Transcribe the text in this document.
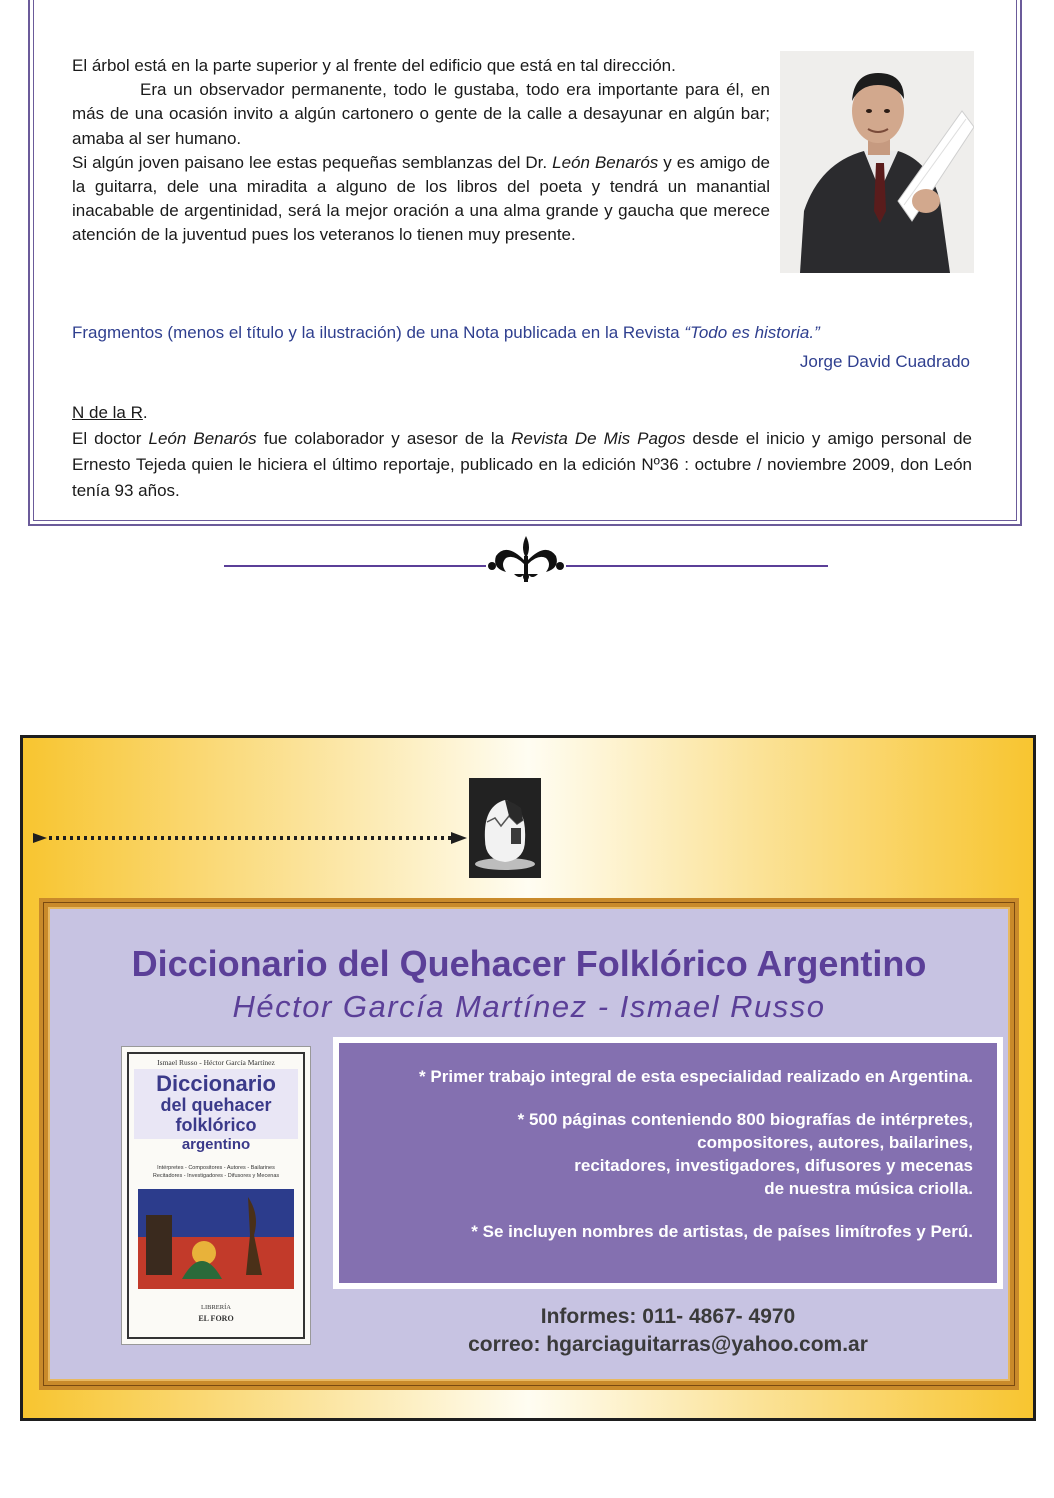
El árbol está en la parte superior y al frente del edificio que está en tal dirección.

Era un observador permanente, todo le gustaba, todo era importante para él, en más de una ocasión invito a algún cartonero o gente de la calle a desayunar en algún bar; amaba al ser humano.

Si algún joven paisano lee estas pequeñas semblanzas del Dr. León Benarós y es amigo de la guitarra, dele una miradita a alguno de los libros del poeta y tendrá un manantial inacabable de argentinidad, será la mejor oración a una alma grande y gaucha que merece atención de la juventud pues los veteranos lo tienen muy presente.

Fragmentos (menos el título y la ilustración) de una Nota publicada en la Revista “Todo es historia.”
Jorge David Cuadrado

N de la R.

El doctor León Benarós fue colaborador y asesor de la Revista De Mis Pagos desde el inicio y amigo personal de Ernesto Tejeda quien le hiciera el último reportaje, publicado en la edición Nº36 : octubre / noviembre 2009, don León tenía 93 años.

Diccionario del Quehacer Folklórico Argentino
Héctor García Martínez - Ismael Russo
Ismael Russo - Héctor García Martínez
Diccionario
del quehacer
folklórico
argentino
Intérpretes - Compositores - Autores - Bailarines
Recitadores - Investigadores - Difusores y Mecenas
LIBRERÍA
EL FORO

* Primer trabajo integral de esta especialidad realizado en Argentina.

* 500 páginas conteniendo 800 biografías de intérpretes,

compositores, autores, bailarines,

recitadores, investigadores, difusores y mecenas

de nuestra música criolla.

* Se incluyen nombres de artistas, de países limítrofes y Perú.

Informes: 011- 4867- 4970
correo: hgarciaguitarras@yahoo.com.ar
